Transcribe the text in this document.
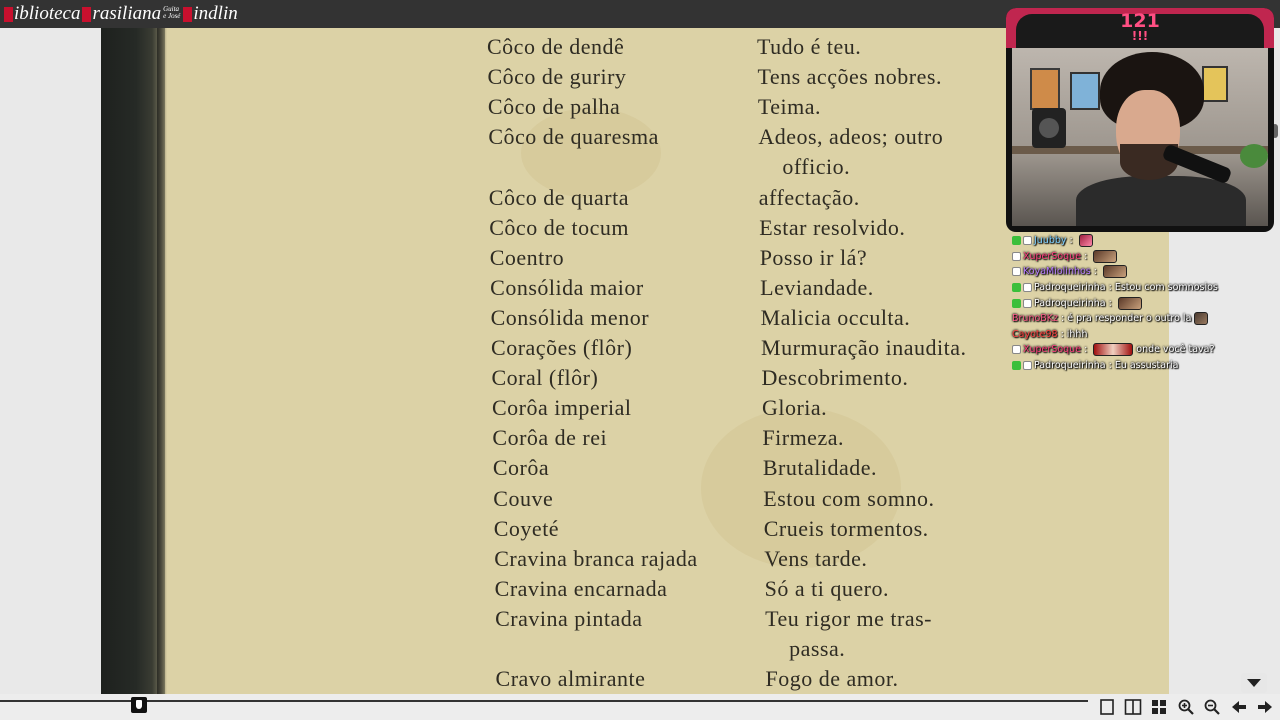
iblioteca rasiliana Guita
e José indlin
Côco de dendê	Tudo é teu.
Côco de guriry	Tens acções nobres.
Côco de palha	Teima.
Côco de quaresma	Adeos, adeos; outro
officio.
Côco de quarta	affectação.
Côco de tocum	Estar resolvido.
Coentro	Posso ir lá?
Consólida maior	Leviandade.
Consólida menor	Malicia occulta.
Corações (flôr)	Murmuração inaudita.
Coral (flôr)	Descobrimento.
Corôa imperial	Gloria.
Corôa de rei	Firmeza.
Corôa	Brutalidade.
Couve	Estou com somno.
Coyeté	Crueis tormentos.
Cravina branca rajada	Vens tarde.
Cravina encarnada	Só a ti quero.
Cravina pintada	Teu rigor me tras-
passa.
Cravo almirante	Fogo de amor.
121
!!!
Juubby :
XuperSoque :
KoyaMiolinhos :
Padroqueirinha : Estou com somnosios
Padroqueirinha :
BrunoBKz : é pra responder o outro la
Cayote98 : ihhh
XuperSoque :	onde você tava?
Padroqueirinha : Eu assustaria
